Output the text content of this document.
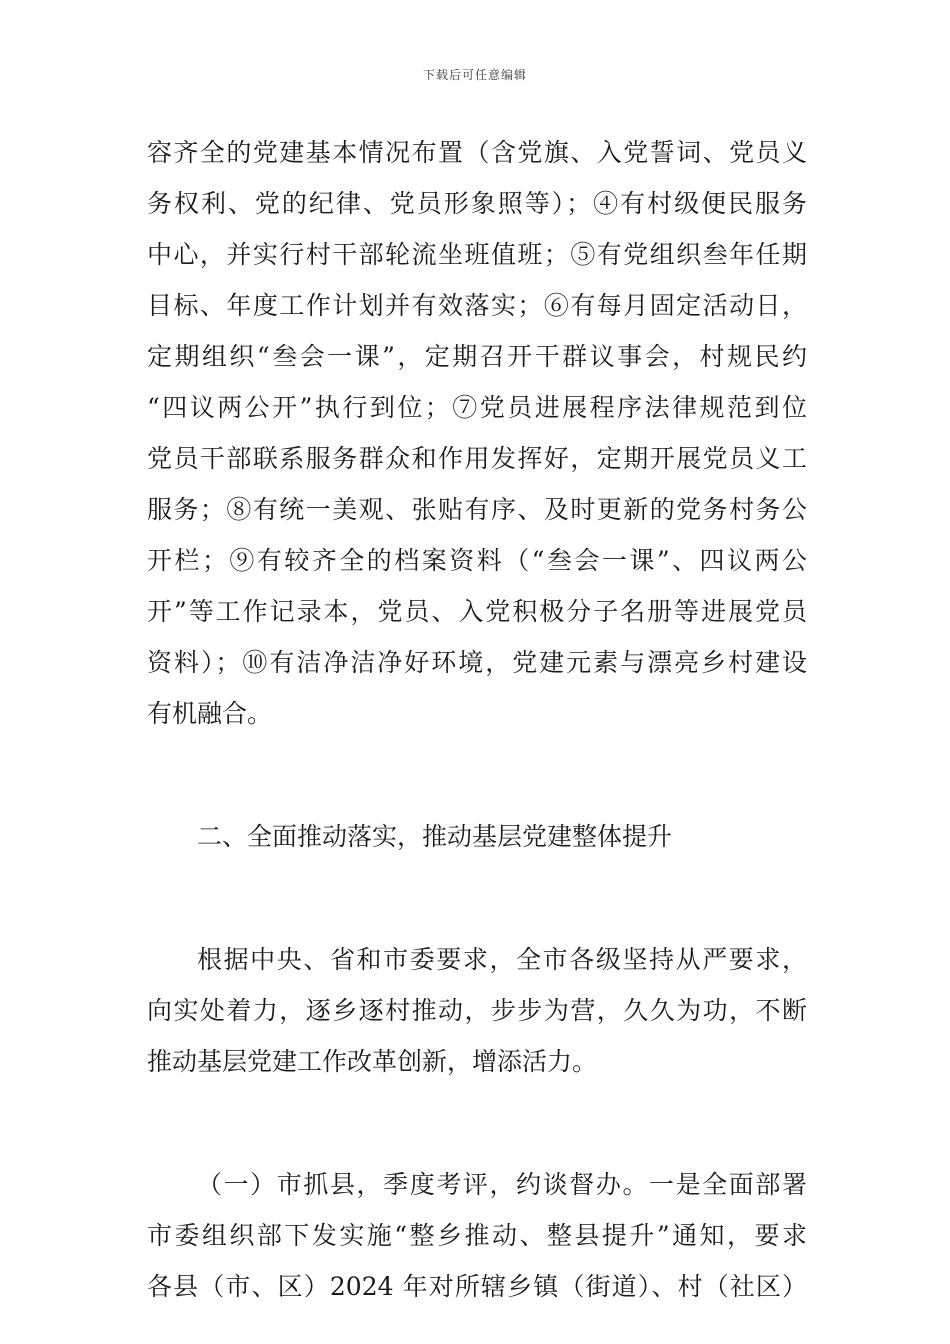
下载后可任意编辑
容齐全的党建基本情况布置（含党旗、入党誓词、党员义
务权利、党的纪律、党员形象照等）；④有村级便民服务
中心，并实行村干部轮流坐班值班；⑤有党组织叁年任期
目标、年度工作计划并有效落实；⑥有每月固定活动日，
定期组织“叁会一课”，定期召开干群议事会，村规民约
“四议两公开”执行到位；⑦党员进展程序法律规范到位
党员干部联系服务群众和作用发挥好，定期开展党员义工
服务；⑧有统一美观、张贴有序、及时更新的党务村务公
开栏；⑨有较齐全的档案资料（“叁会一课”、四议两公
开”等工作记录本，党员、入党积极分子名册等进展党员
资料）；⑩有洁净洁净好环境，党建元素与漂亮乡村建设
有机融合。
二、全面推动落实，推动基层党建整体提升
根据中央、省和市委要求，全市各级坚持从严要求，
向实处着力，逐乡逐村推动，步步为营，久久为功，不断
推动基层党建工作改革创新，增添活力。
（一）市抓县，季度考评，约谈督办。一是全面部署
市委组织部下发实施“整乡推动、整县提升”通知，要求
各县（市、区）2024 年对所辖乡镇（街道）、村（社区）
